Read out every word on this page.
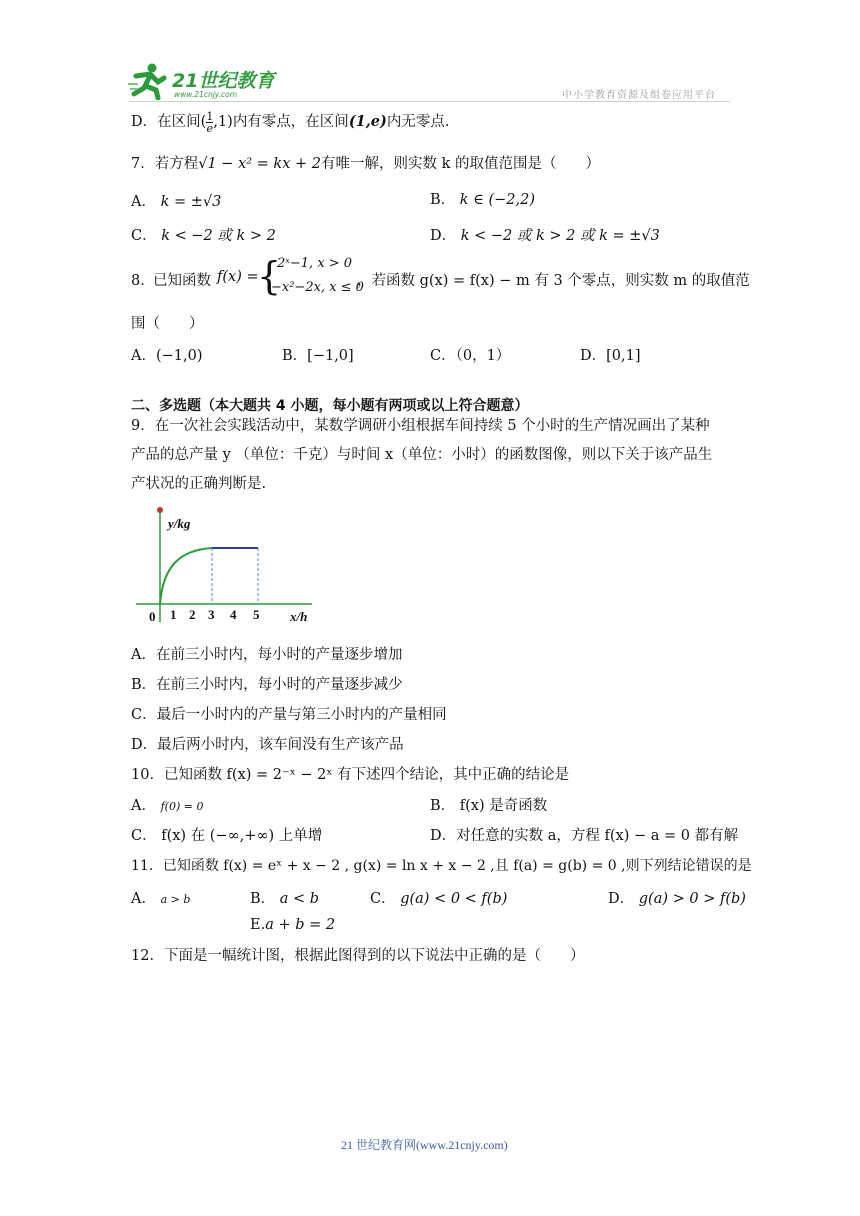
21世纪教育
www.21cnjy.com	中小学教育资源及组卷应用平台
D．在区间( $\frac{1}{e} ,1$)内有零点，在区间(1,e)内无零点.
7．若方程√1 − x² = kx + 2有唯一解，则实数 k 的取值范围是（　　）
A． k = ±√3	B． k ∈ (−2,2)
C． k < −2 或 k > 2	D． k < −2 或 k > 2 或 k = ±√3
8．
已知函数 f(x) =
{
2ˣ−1, x > 0
−x²−2x, x ≤ 0
，若函数 g(x) = f(x) − m 有 3 个零点，则实数 m 的取值范
围（　　）
A．(−1,0)	B．[−1,0]	C．（0，1）	D．[0,1]
二、多选题（本大题共 4 小题，每小题有两项或以上符合题意）
9．在一次社会实践活动中，某数学调研小组根据车间持续 5 个小时的生产情况画出了某种
产品的总产量 y （单位：千克）与时间 x（单位：小时）的函数图像，则以下关于该产品生
产状况的正确判断是.
y/kg
x/h
0 1 2 3 4 5
A．在前三小时内，每小时的产量逐步增加
B．在前三小时内，每小时的产量逐步减少
C．最后一小时内的产量与第三小时内的产量相同
D．最后两小时内，该车间没有生产该产品
10．已知函数 f(x) = 2⁻ˣ − 2ˣ 有下述四个结论，其中正确的结论是
A． f(0) = 0	B． f(x) 是奇函数
C． f(x) 在 (−∞,+∞) 上单增	D．对任意的实数 a，方程 f(x) − a = 0 都有解
11．已知函数 f(x) = eˣ + x − 2 , g(x) = ln x + x − 2 ,且 f(a) = g(b) = 0 ,则下列结论错误的是
A． a > b	B． a < b	C． g(a) < 0 < f(b)	D． g(a) > 0 > f(b)
E.a + b = 2
12．下面是一幅统计图，根据此图得到的以下说法中正确的是（　　）
21 世纪教育网(www.21cnjy.com)
